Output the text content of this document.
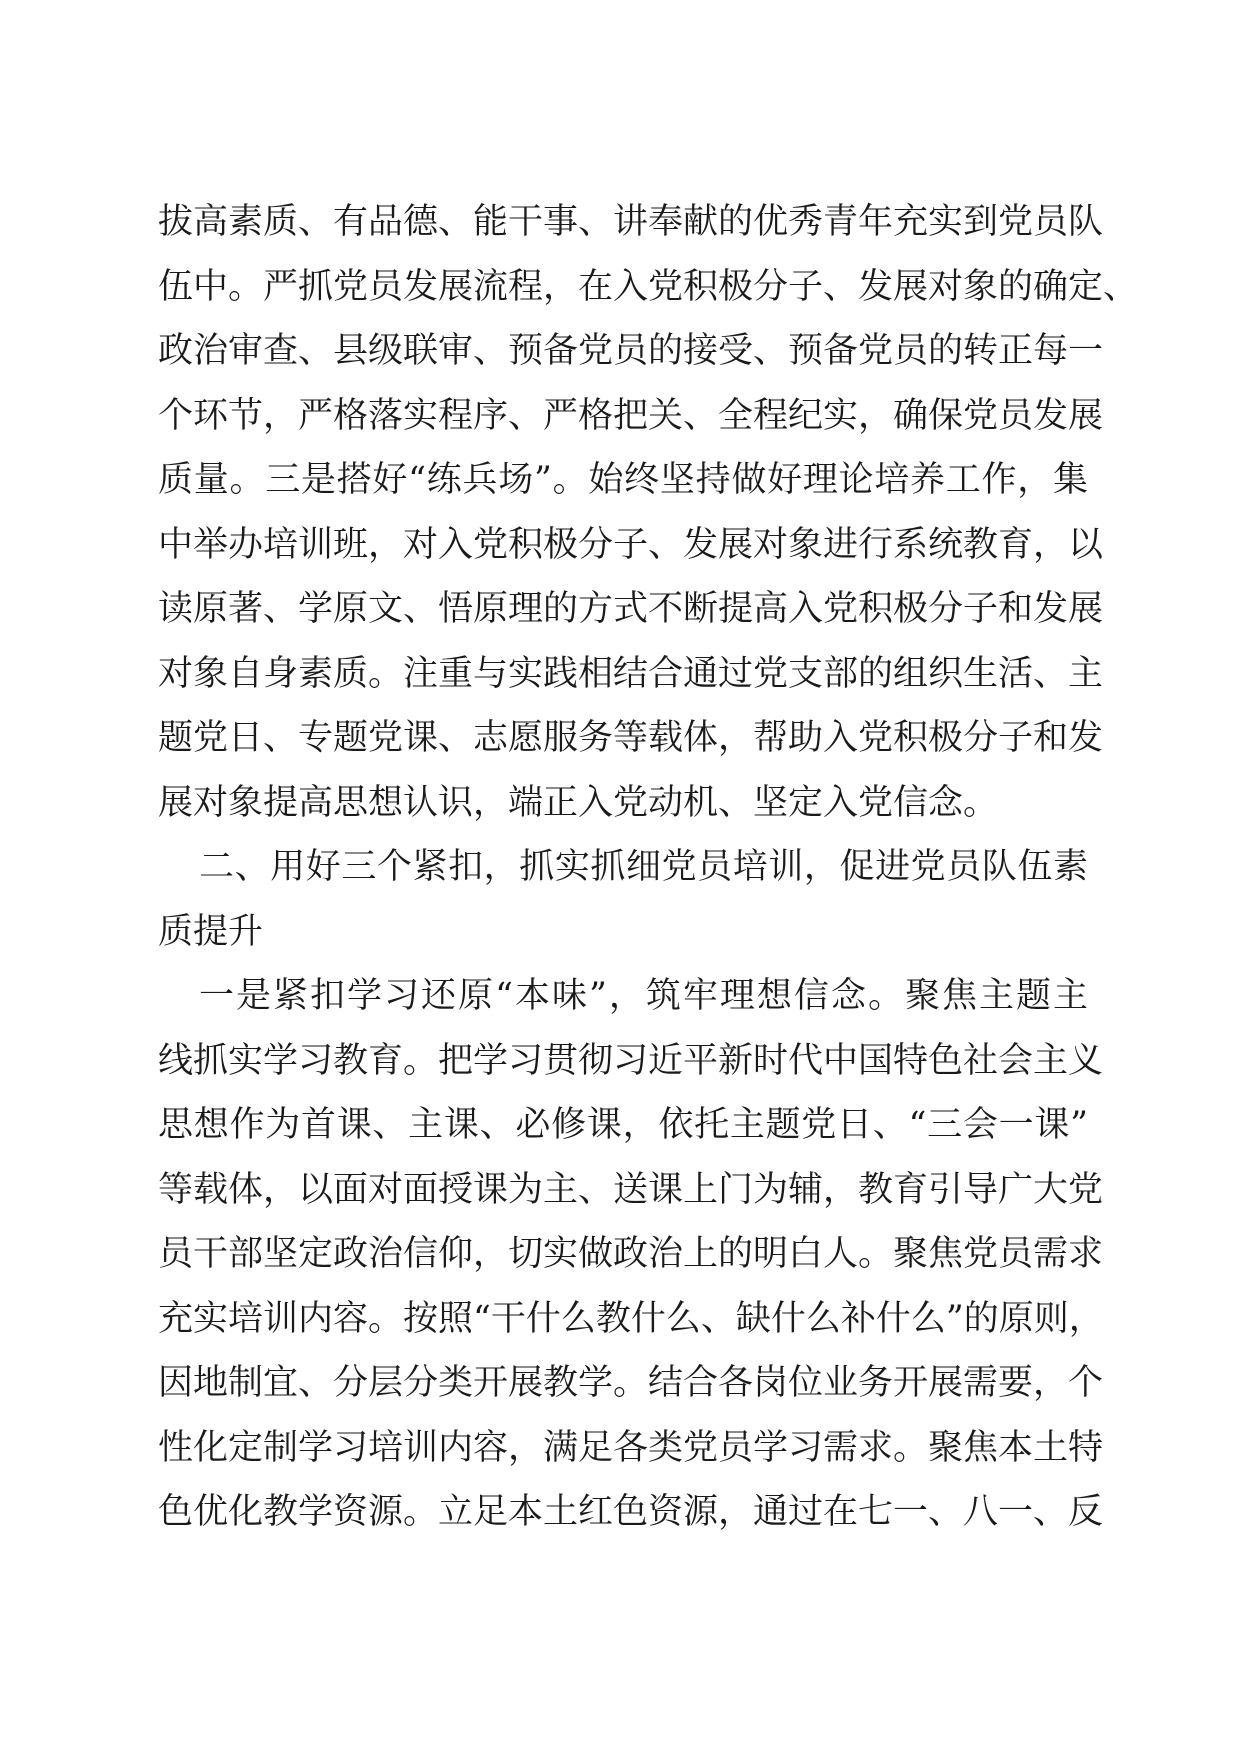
拔高素质、有品德、能干事、讲奉献的优秀青年充实到党员队
伍中。严抓党员发展流程，在入党积极分子、发展对象的确定、
政治审查、县级联审、预备党员的接受、预备党员的转正每一
个环节，严格落实程序、严格把关、全程纪实，确保党员发展
质量。三是搭好“练兵场”。始终坚持做好理论培养工作，集
中举办培训班，对入党积极分子、发展对象进行系统教育，以
读原著、学原文、悟原理的方式不断提高入党积极分子和发展
对象自身素质。注重与实践相结合通过党支部的组织生活、主
题党日、专题党课、志愿服务等载体，帮助入党积极分子和发
展对象提高思想认识，端正入党动机、坚定入党信念。
二、用好三个紧扣，抓实抓细党员培训，促进党员队伍素
质提升
一是紧扣学习还原“本味”，筑牢理想信念。聚焦主题主
线抓实学习教育。把学习贯彻习近平新时代中国特色社会主义
思想作为首课、主课、必修课，依托主题党日、“三会一课”
等载体，以面对面授课为主、送课上门为辅，教育引导广大党
员干部坚定政治信仰，切实做政治上的明白人。聚焦党员需求
充实培训内容。按照“干什么教什么、缺什么补什么”的原则，
因地制宜、分层分类开展教学。结合各岗位业务开展需要，个
性化定制学习培训内容，满足各类党员学习需求。聚焦本土特
色优化教学资源。立足本土红色资源，通过在七一、八一、反
